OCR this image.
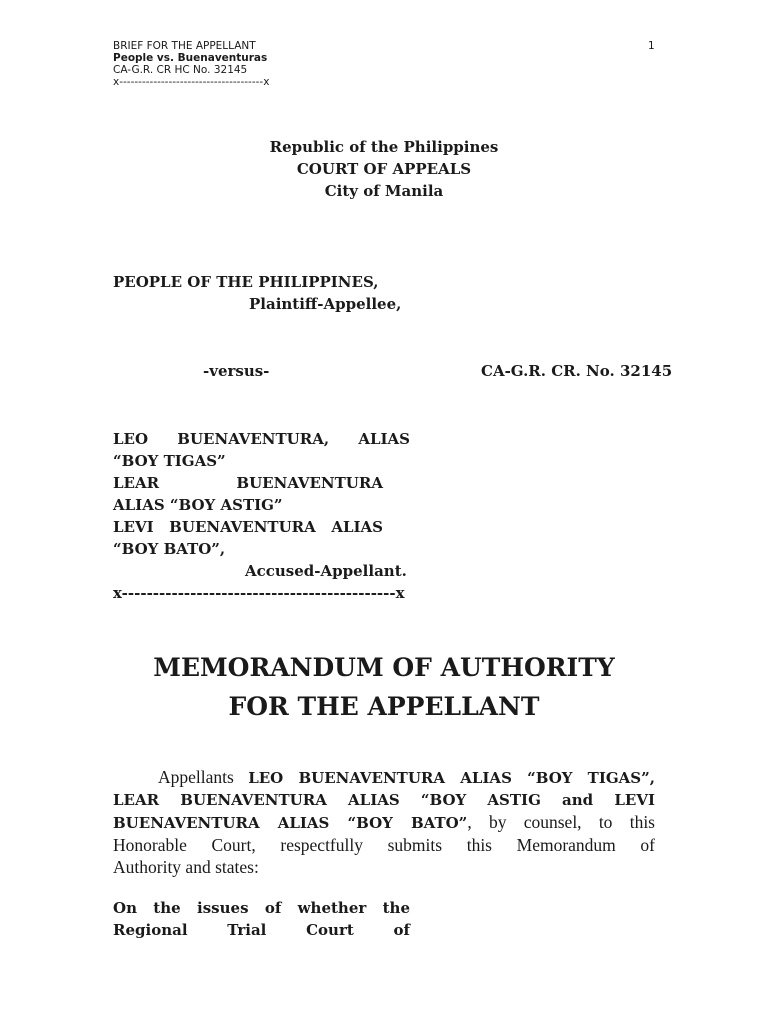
BRIEF FOR THE APPELLANT
People vs. Buenaventuras
CA-G.R. CR HC No. 32145
x--------------------------------------x
1
Republic of the Philippines
COURT OF APPEALS
City of Manila
PEOPLE OF THE PHILIPPINES,
Plaintiff-Appellee,
-versus-	CA-G.R. CR. No. 32145
LEO BUENAVENTURA, ALIAS
“BOY TIGAS”
LEAR BUENAVENTURA
ALIAS “BOY ASTIG”
LEVI BUENAVENTURA ALIAS
“BOY BATO”,
Accused-Appellant.
x--------------------------------------------x
MEMORANDUM OF AUTHORITY
FOR THE APPELLANT
Appellants LEO BUENAVENTURA ALIAS “BOY TIGAS”,
LEAR BUENAVENTURA ALIAS “BOY ASTIG and LEVI
BUENAVENTURA ALIAS “BOY BATO”, by counsel, to this
Honorable Court, respectfully submits this Memorandum of
Authority and states:
On the issues of whether the
Regional Trial Court of
